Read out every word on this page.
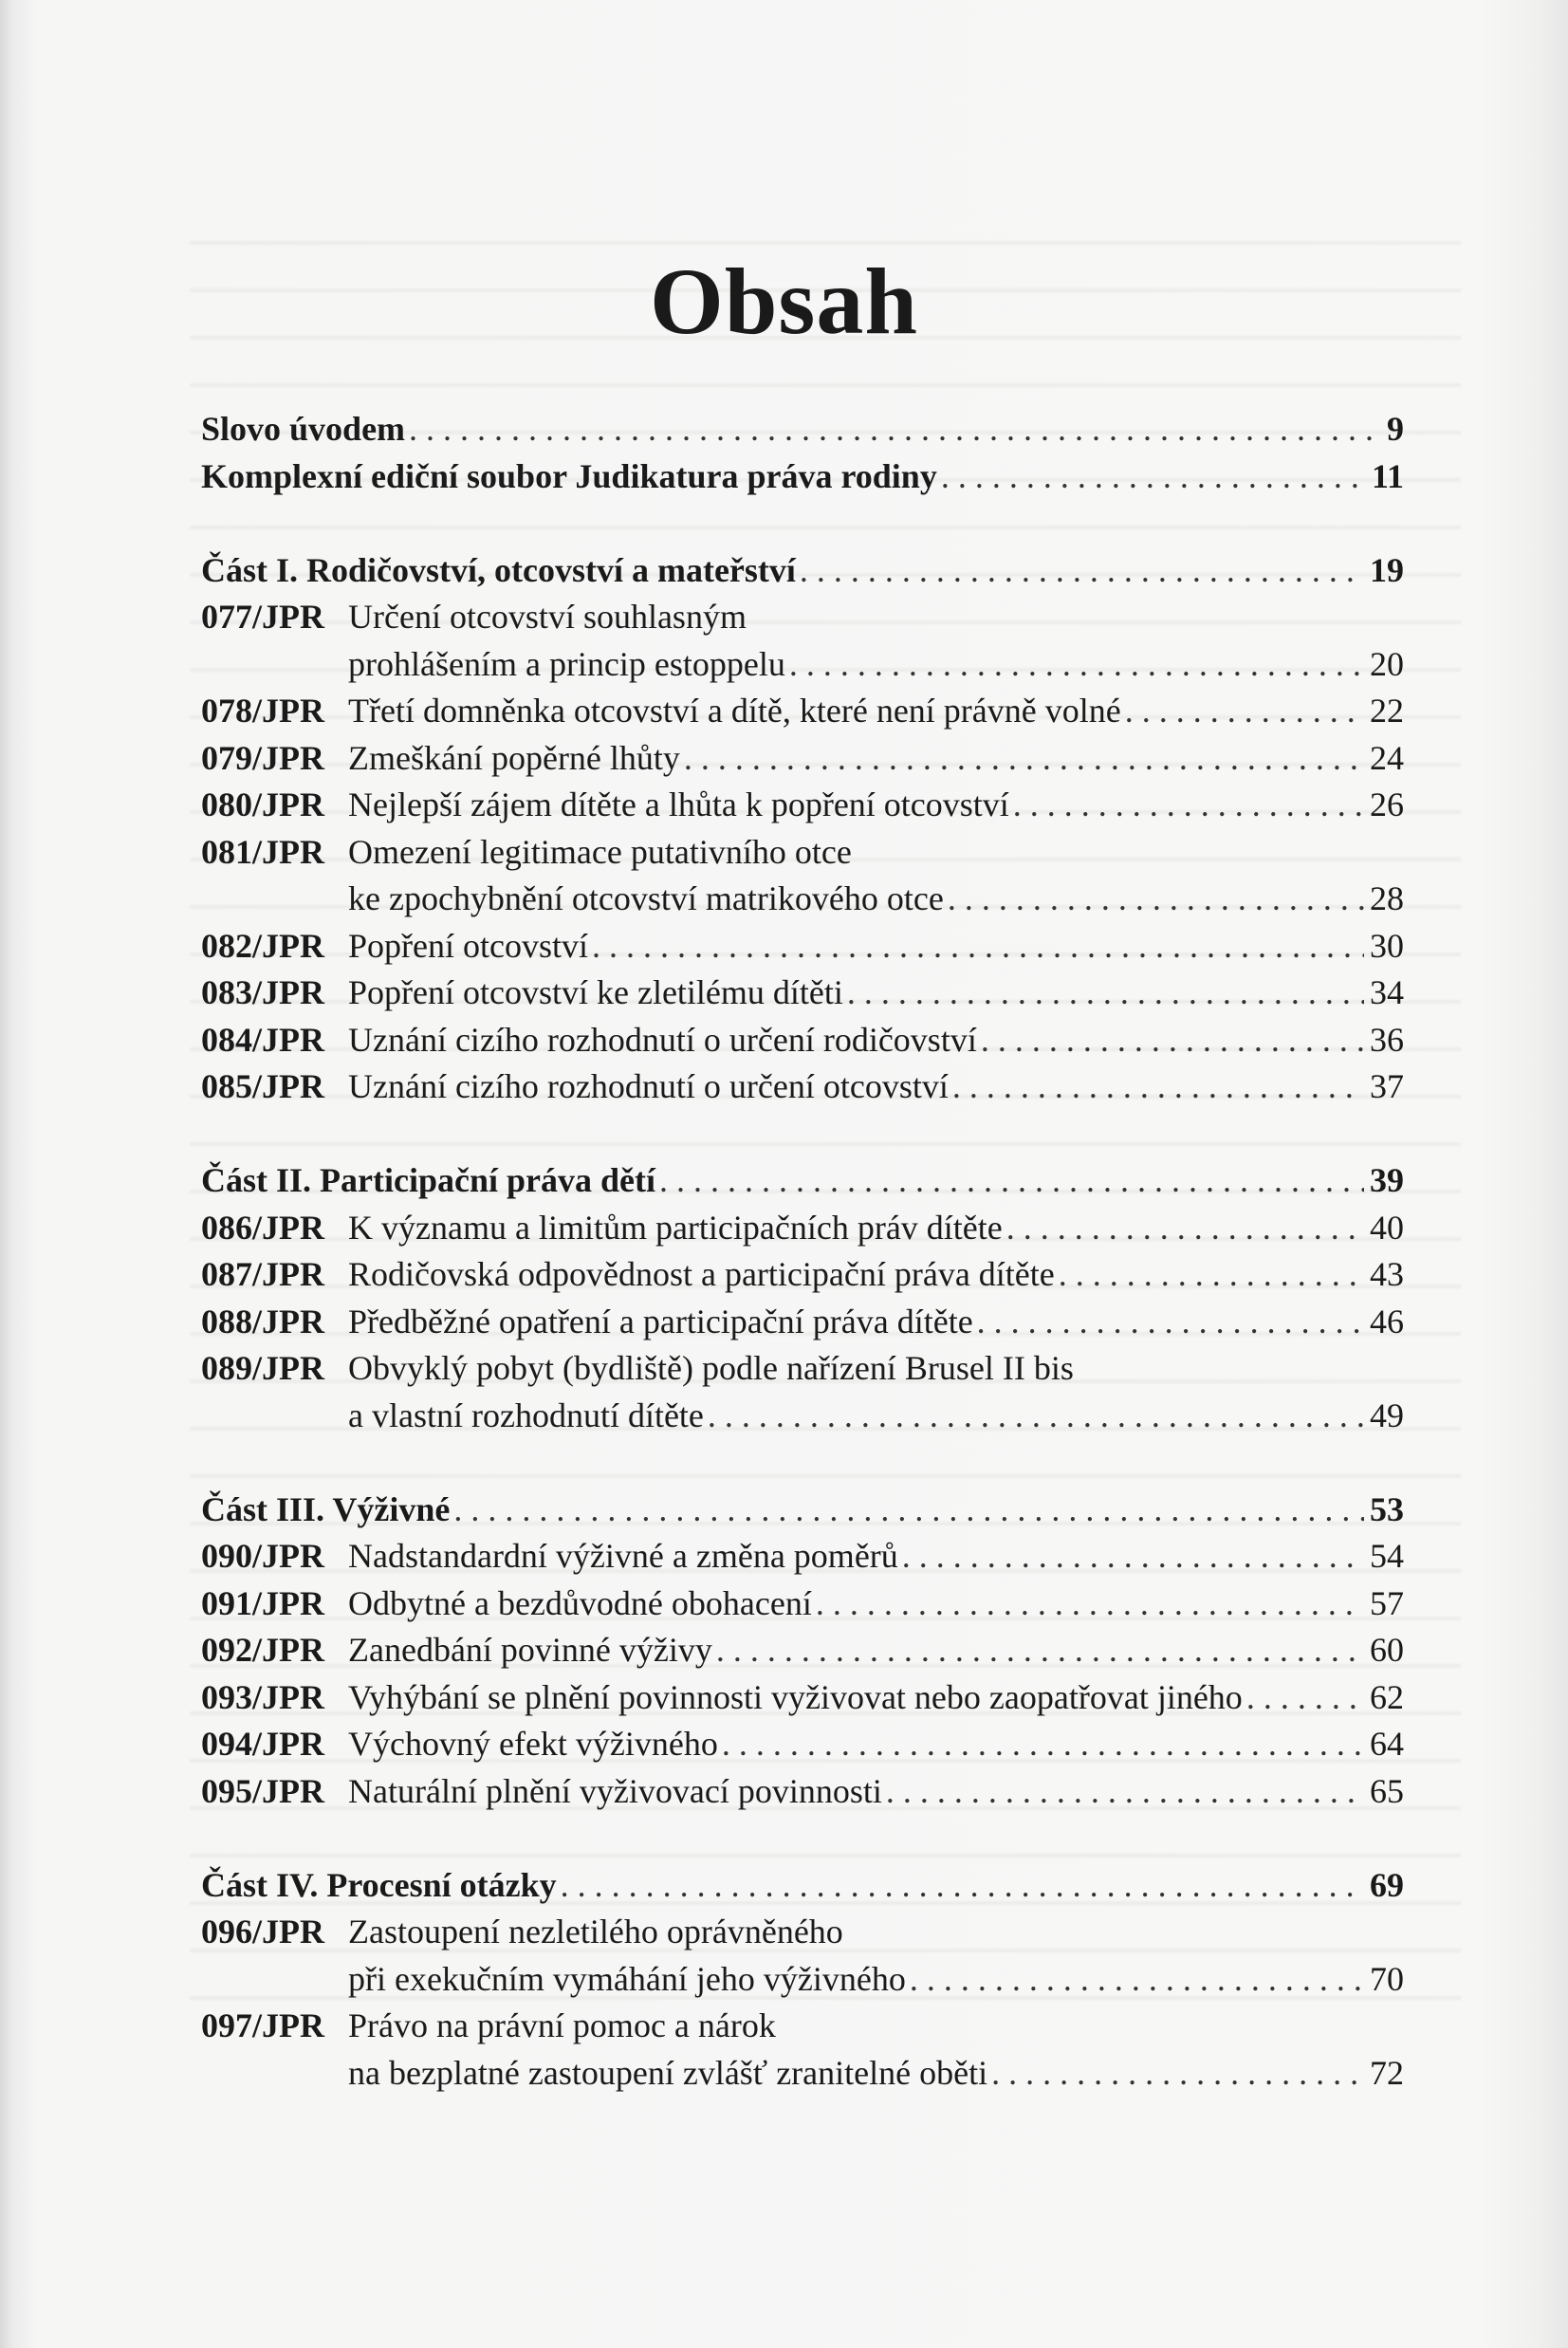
Obsah
Slovo úvodem . . .	9
Komplexní ediční soubor Judikatura práva rodiny . . .	11
Část I. Rodičovství, otcovství a mateřství . . .	19
077/JPR Určení otcovství souhlasným
prohlášením a princip estoppelu . . .	20
078/JPR Třetí domněnka otcovství a dítě, které není právně volné . . .	22
079/JPR Zmeškání popěrné lhůty . . .	24
080/JPR Nejlepší zájem dítěte a lhůta k popření otcovství . . .	26
081/JPR Omezení legitimace putativního otce
ke zpochybnění otcovství matrikového otce . . .	28
082/JPR Popření otcovství . . .	30
083/JPR Popření otcovství ke zletilému dítěti . . .	34
084/JPR Uznání cizího rozhodnutí o určení rodičovství . . .	36
085/JPR Uznání cizího rozhodnutí o určení otcovství . . .	37
Část II. Participační práva dětí . . .	39
086/JPR K významu a limitům participačních práv dítěte . . .	40
087/JPR Rodičovská odpovědnost a participační práva dítěte . . .	43
088/JPR Předběžné opatření a participační práva dítěte . . .	46
089/JPR Obvyklý pobyt (bydliště) podle nařízení Brusel II bis
a vlastní rozhodnutí dítěte . . .	49
Část III. Výživné . . .	53
090/JPR Nadstandardní výživné a změna poměrů . . .	54
091/JPR Odbytné a bezdůvodné obohacení . . .	57
092/JPR Zanedbání povinné výživy . . .	60
093/JPR Vyhýbání se plnění povinnosti vyživovat nebo zaopatřovat jiného . . .	62
094/JPR Výchovný efekt výživného . . .	64
095/JPR Naturální plnění vyživovací povinnosti . . .	65
Část IV. Procesní otázky . . .	69
096/JPR Zastoupení nezletilého oprávněného
při exekučním vymáhání jeho výživného . . .	70
097/JPR Právo na právní pomoc a nárok
na bezplatné zastoupení zvlášť zranitelné oběti . . .	72
